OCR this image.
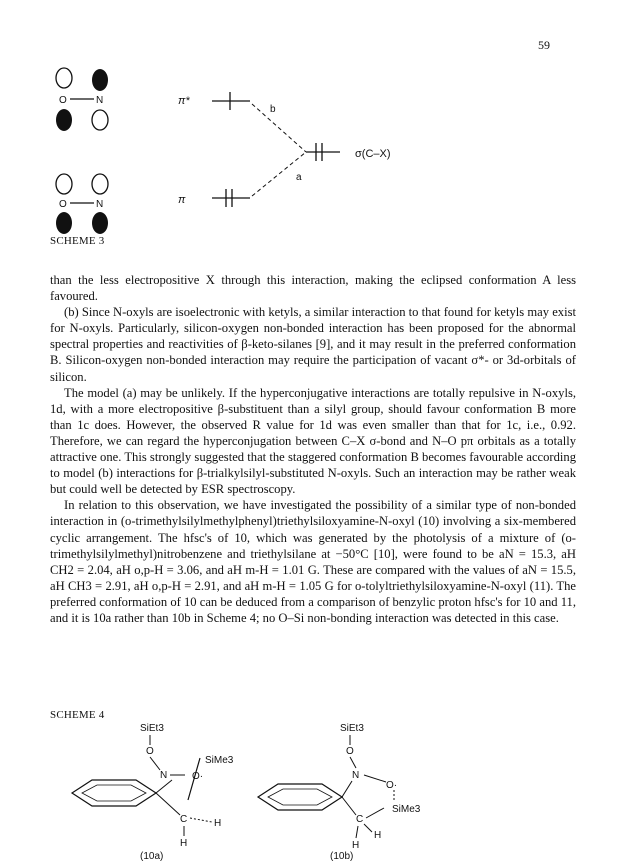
59
O	N
O	N
π*
b
σ(C–X)
a
π
SCHEME 3

than the less electropositive X through this interaction, making the eclipsed conformation A less favoured.

(b) Since N-oxyls are isoelectronic with ketyls, a similar interaction to that found for ketyls may exist for N-oxyls. Particularly, silicon-oxygen non-bonded interaction has been proposed for the abnormal spectral properties and reactivities of β-keto-silanes [9], and it may result in the preferred conformation B. Silicon-oxygen non-bonded interaction may require the participation of vacant σ*- or 3d-orbitals of silicon.

The model (a) may be unlikely. If the hyperconjugative interactions are totally repulsive in N-oxyls, 1d, with a more electropositive β-substituent than a silyl group, should favour conformation B more than 1c does. However, the observed R value for 1d was even smaller than that for 1c, i.e., 0.92. Therefore, we can regard the hyperconjugation between C–X σ-bond and N–O pπ orbitals as a totally attractive one. This strongly suggested that the staggered conformation B becomes favourable according to model (b) interactions for β-trialkylsilyl-substituted N-oxyls. Such an interaction may be rather weak but could well be detected by ESR spectroscopy.

In relation to this observation, we have investigated the possibility of a similar type of non-bonded interaction in (o-trimethylsilylmethylphenyl)triethylsiloxyamine-N-oxyl (10) involving a six-membered cyclic arrangement. The hfsc's of 10, which was generated by the photolysis of a mixture of (o-trimethylsilylmethyl)nitrobenzene and triethylsilane at −50°C [10], were found to be aN = 15.3, aH CH2 = 2.04, aH o,p-H = 3.06, and aH m-H = 1.01 G. These are compared with the values of aN = 15.5, aH CH3 = 2.91, aH o,p-H = 2.91, and aH m-H = 1.05 G for o-tolyltriethylsiloxyamine-N-oxyl (11). The preferred conformation of 10 can be deduced from a comparison of benzylic proton hfsc's for 10 and 11, and it is 10a rather than 10b in Scheme 4; no O–Si non-bonding interaction was detected in this case.

SCHEME 4
SiEt3
O
N
SiMe3
O·
C	H
H
(10a)
SiEt3
O
N
O·
SiMe3
C
H
H
(10b)
